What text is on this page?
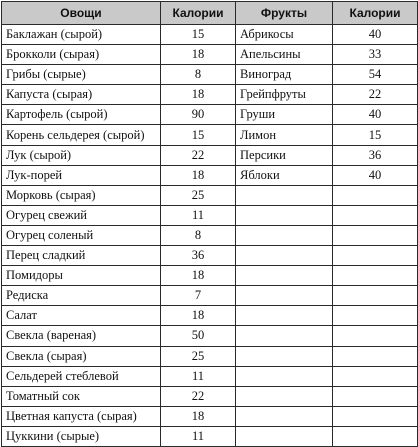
Овощи	Калории	Фрукты	Калории
Баклажан (сырой)	15	Абрикосы	40
Брокколи (сырая)	18	Апельсины	33
Грибы (сырые)	8	Виноград	54
Капуста (сырая)	18	Грейпфруты	22
Картофель (сырой)	90	Груши	40
Корень сельдерея (сырой)	15	Лимон	15
Лук (сырой)	22	Персики	36
Лук-порей	18	Яблоки	40
Морковь (сырая)	25		
Огурец свежий	11		
Огурец соленый	8		
Перец сладкий	36		
Помидоры	18		
Редиска	7		
Салат	18		
Свекла (вареная)	50		
Свекла (сырая)	25		
Сельдерей стеблевой	11		
Томатный сок	22		
Цветная капуста (сырая)	18		
Цуккини (сырые)	11		
